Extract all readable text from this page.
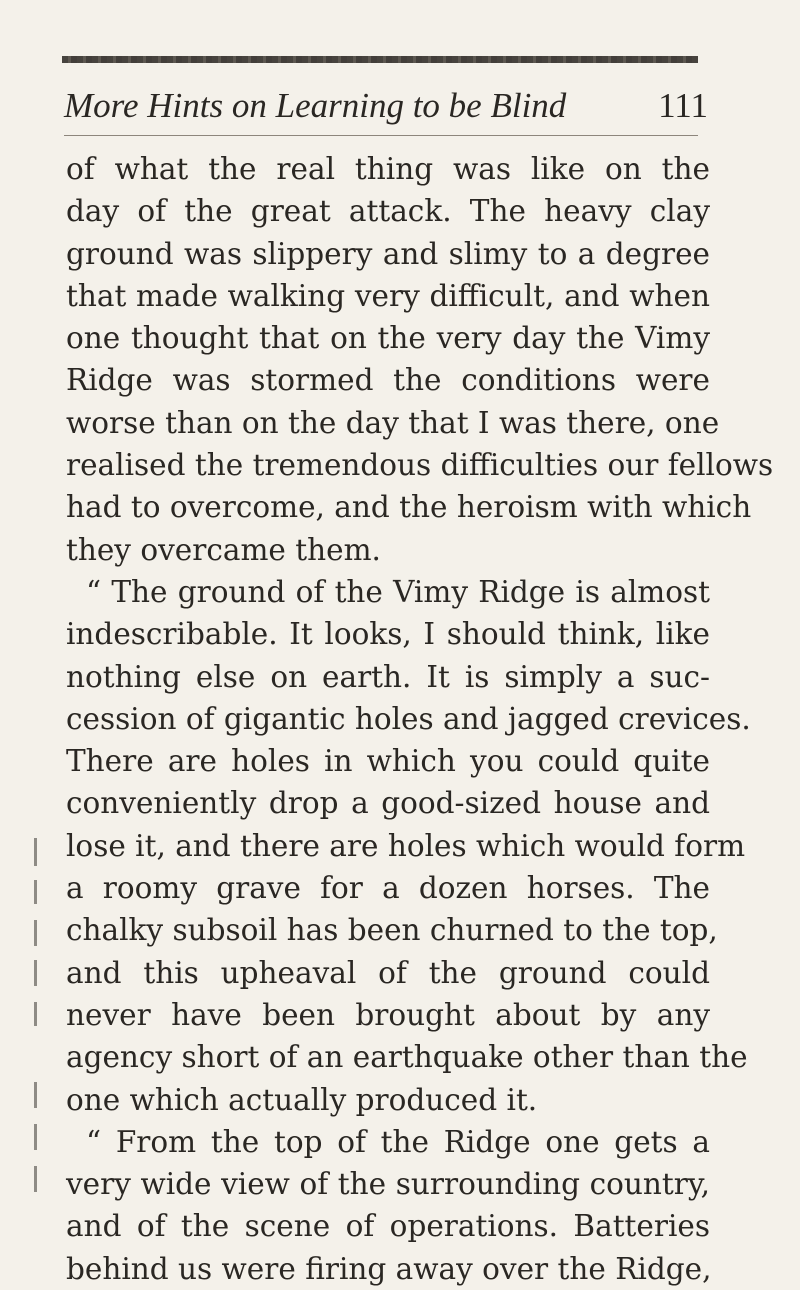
More Hints on Learning to be Blind	111
of what the real thing was like on the
day of the great attack. The heavy clay
ground was slippery and slimy to a degree
that made walking very difficult, and when
one thought that on the very day the Vimy
Ridge was stormed the conditions were
worse than on the day that I was there, one
realised the tremendous difficulties our fellows
had to overcome, and the heroism with which
they overcame them.
“ The ground of the Vimy Ridge is almost
indescribable. It looks, I should think, like
nothing else on earth. It is simply a suc-
cession of gigantic holes and jagged crevices.
There are holes in which you could quite
conveniently drop a good-sized house and
lose it, and there are holes which would form
a roomy grave for a dozen horses. The
chalky subsoil has been churned to the top,
and this upheaval of the ground could
never have been brought about by any
agency short of an earthquake other than the
one which actually produced it.
“ From the top of the Ridge one gets a
very wide view of the surrounding country,
and of the scene of operations. Batteries
behind us were firing away over the Ridge,
